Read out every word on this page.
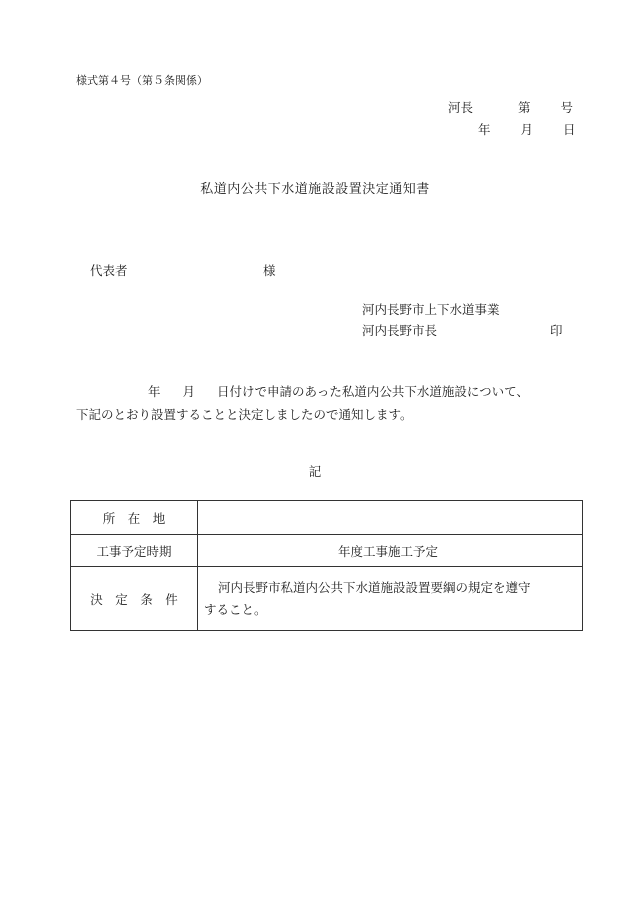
様式第４号（第５条関係）
河長	第 号
年 月 日
私道内公共下水道施設設置決定通知書
代表者	様
河内長野市上下水道事業
河内長野市長	印
年 月 日付けで申請のあった私道内公共下水道施設について、
下記のとおり設置することと決定しましたので通知します。
記
所　在　地	
工事予定時期	年度工事施工予定
決　定　条　件	河内長野市私道内公共下水道施設設置要綱の規定を遵守
すること。
